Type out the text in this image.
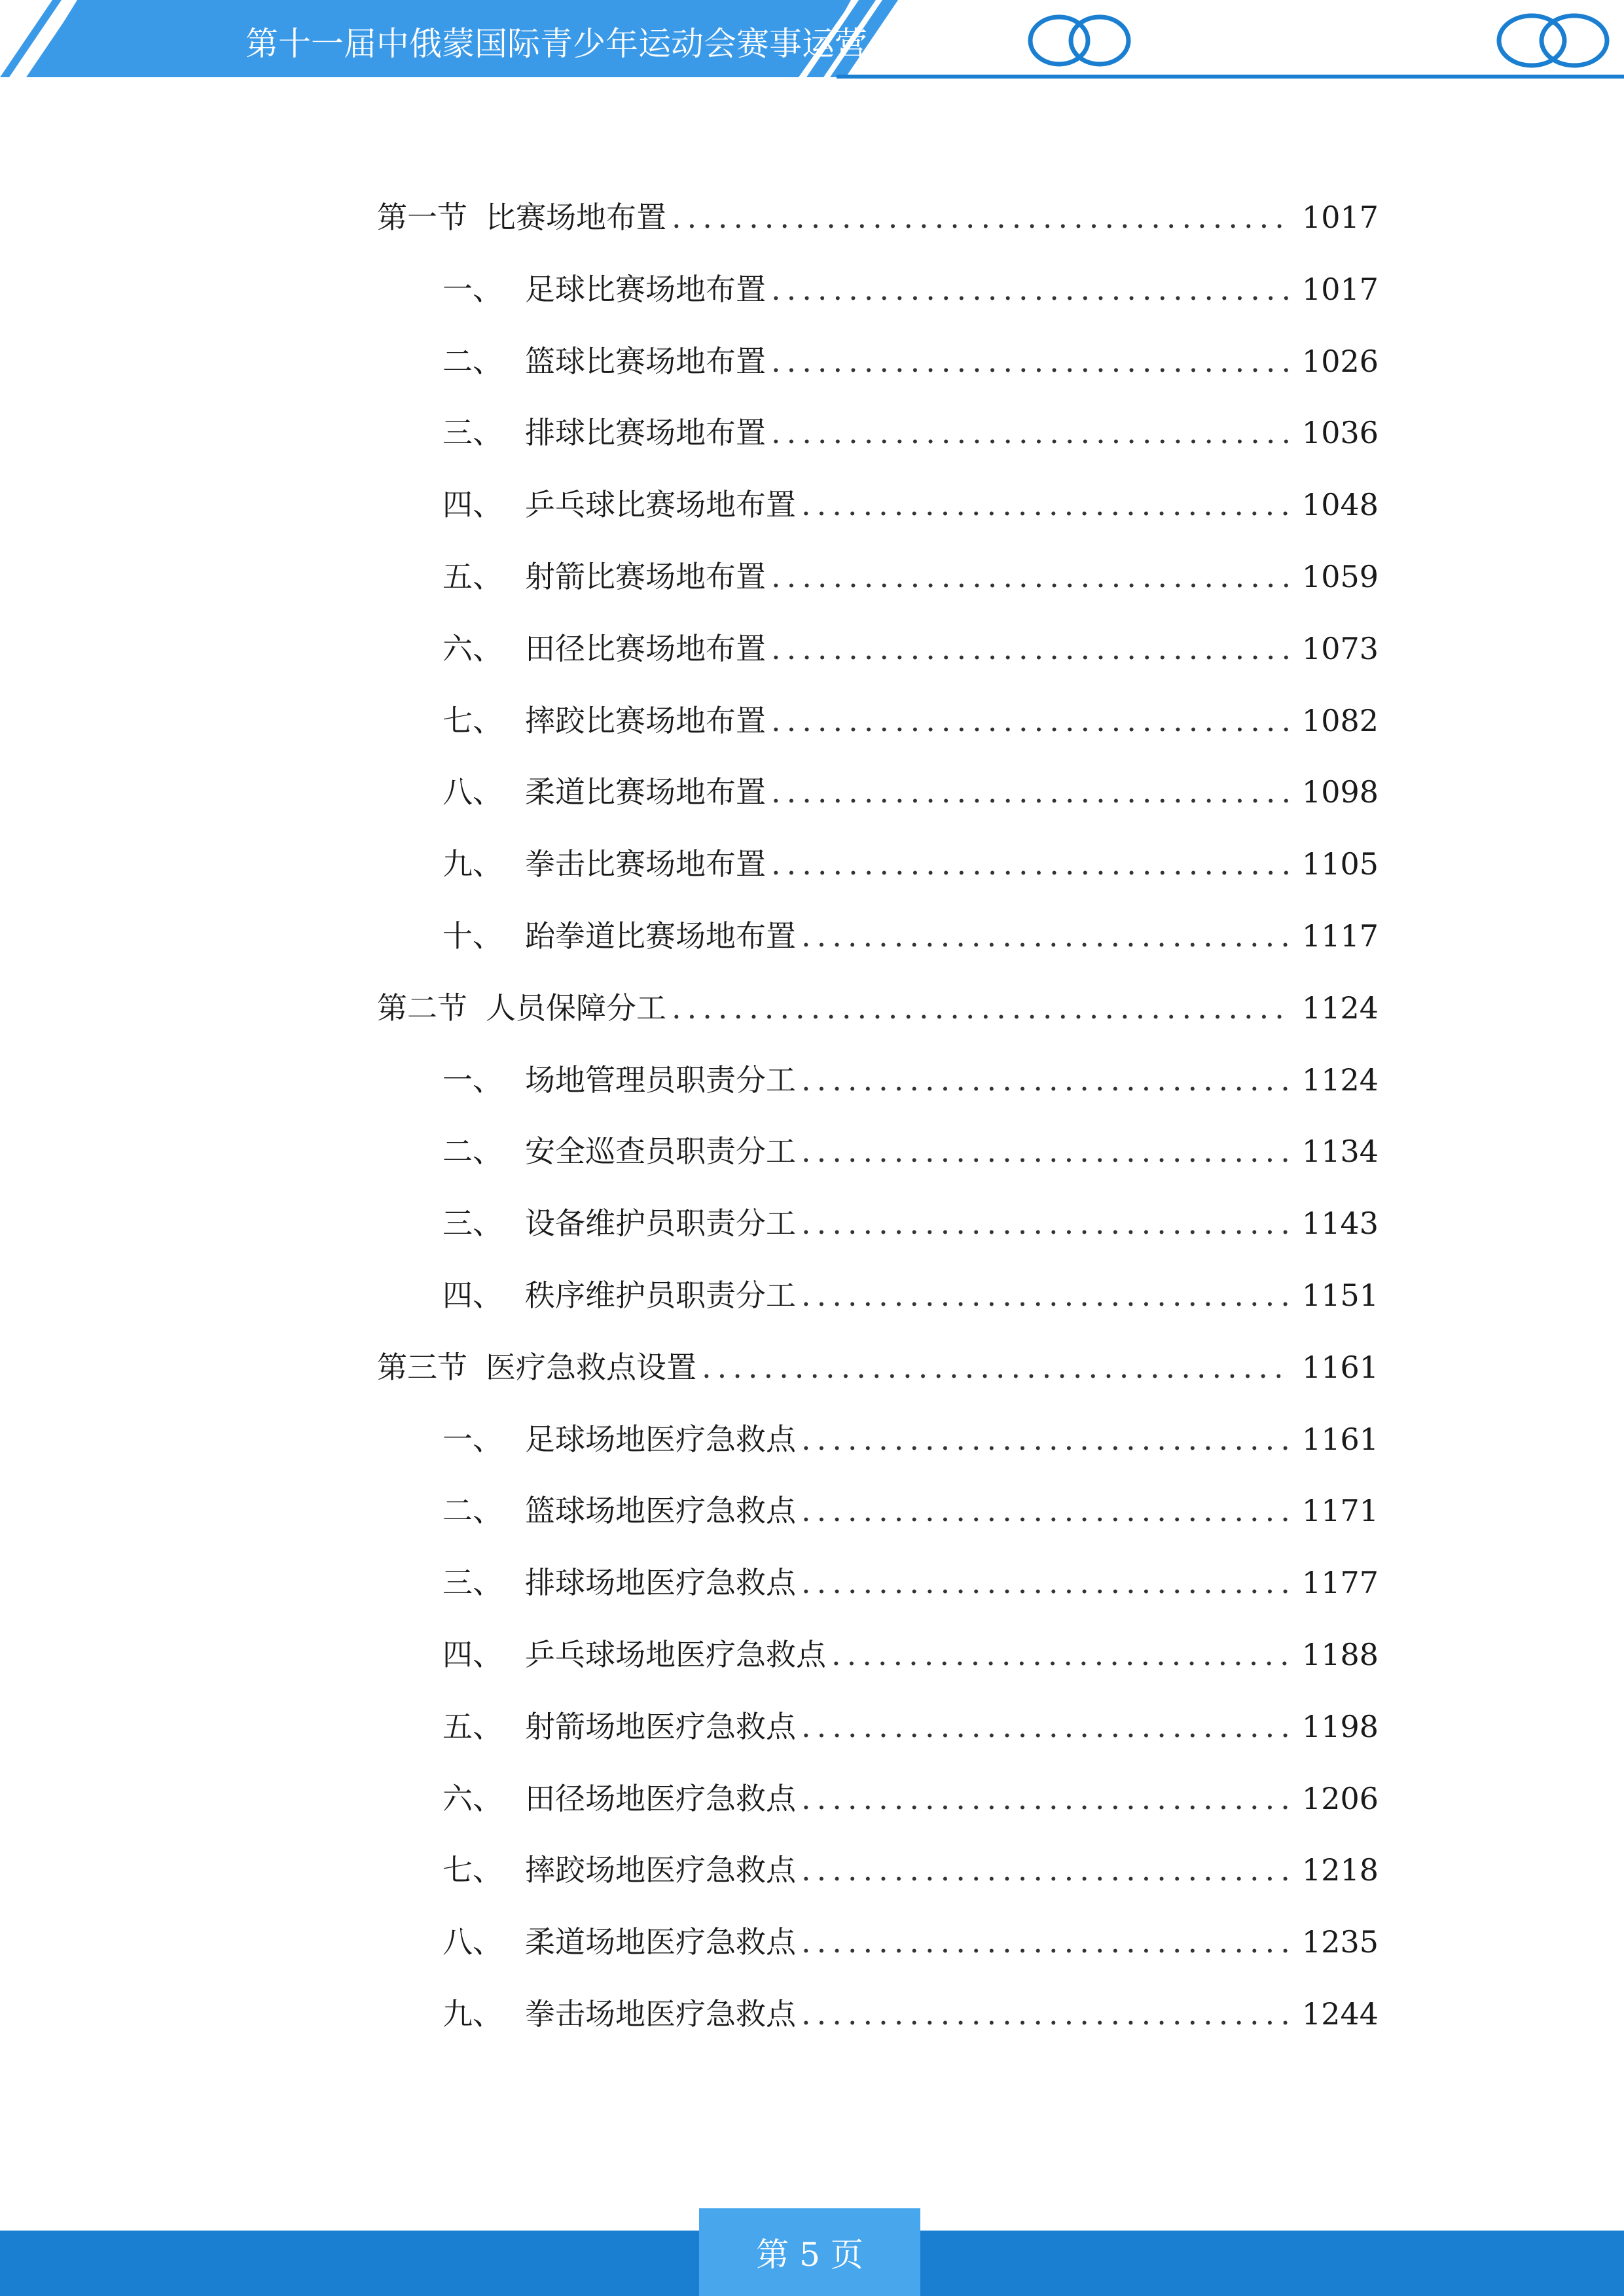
第十一届中俄蒙国际青少年运动会赛事运营
第一节 比赛场地布置 .....	1017
一、 足球比赛场地布置 .....	1017
二、 篮球比赛场地布置 .....	1026
三、 排球比赛场地布置 .....	1036
四、 乒乓球比赛场地布置 .....	1048
五、 射箭比赛场地布置 .....	1059
六、 田径比赛场地布置 .....	1073
七、 摔跤比赛场地布置 .....	1082
八、 柔道比赛场地布置 .....	1098
九、 拳击比赛场地布置 .....	1105
十、 跆拳道比赛场地布置 .....	1117
第二节 人员保障分工 .....	1124
一、 场地管理员职责分工 .....	1124
二、 安全巡查员职责分工 .....	1134
三、 设备维护员职责分工 .....	1143
四、 秩序维护员职责分工 .....	1151
第三节 医疗急救点设置 .....	1161
一、 足球场地医疗急救点 .....	1161
二、 篮球场地医疗急救点 .....	1171
三、 排球场地医疗急救点 .....	1177
四、 乒乓球场地医疗急救点 .....	1188
五、 射箭场地医疗急救点 .....	1198
六、 田径场地医疗急救点 .....	1206
七、 摔跤场地医疗急救点 .....	1218
八、 柔道场地医疗急救点 .....	1235
九、 拳击场地医疗急救点 .....	1244
第 5 页
